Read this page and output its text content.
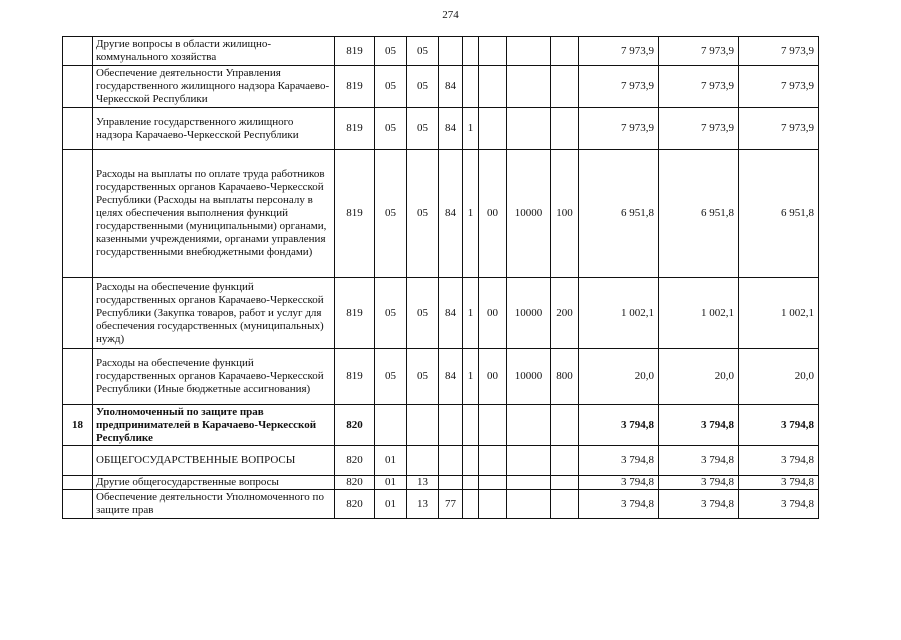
274
	Другие вопросы в области жилищно-коммунального хозяйства	819	05	05						7 973,9	7 973,9	7 973,9
	Обеспечение деятельности Управления государственного жилищного надзора Карачаево-Черкесской Республики	819	05	05	84					7 973,9	7 973,9	7 973,9
	Управление государственного жилищного надзора Карачаево-Черкесской Республики	819	05	05	84	1				7 973,9	7 973,9	7 973,9
	Расходы на выплаты по оплате труда работников государственных органов Карачаево-Черкесской Республики (Расходы на выплаты персоналу в целях обеспечения выполнения функций государственными (муниципальными) органами, казенными учреждениями, органами управления государственными внебюджетными фондами)	819	05	05	84	1	00	10000	100	6 951,8	6 951,8	6 951,8
	Расходы на обеспечение функций государственных органов Карачаево-Черкесской Республики (Закупка товаров, работ и услуг для обеспечения государственных (муниципальных) нужд)	819	05	05	84	1	00	10000	200	1 002,1	1 002,1	1 002,1
	Расходы на обеспечение функций государственных органов Карачаево-Черкесской Республики (Иные бюджетные ассигнования)	819	05	05	84	1	00	10000	800	20,0	20,0	20,0
18	Уполномоченный по защите прав предпринимателей в Карачаево-Черкесской Республике	820								3 794,8	3 794,8	3 794,8
	ОБЩЕГОСУДАРСТВЕННЫЕ ВОПРОСЫ	820	01							3 794,8	3 794,8	3 794,8
	Другие общегосударственные вопросы	820	01	13						3 794,8	3 794,8	3 794,8
	Обеспечение деятельности Уполномоченного по защите прав	820	01	13	77					3 794,8	3 794,8	3 794,8
